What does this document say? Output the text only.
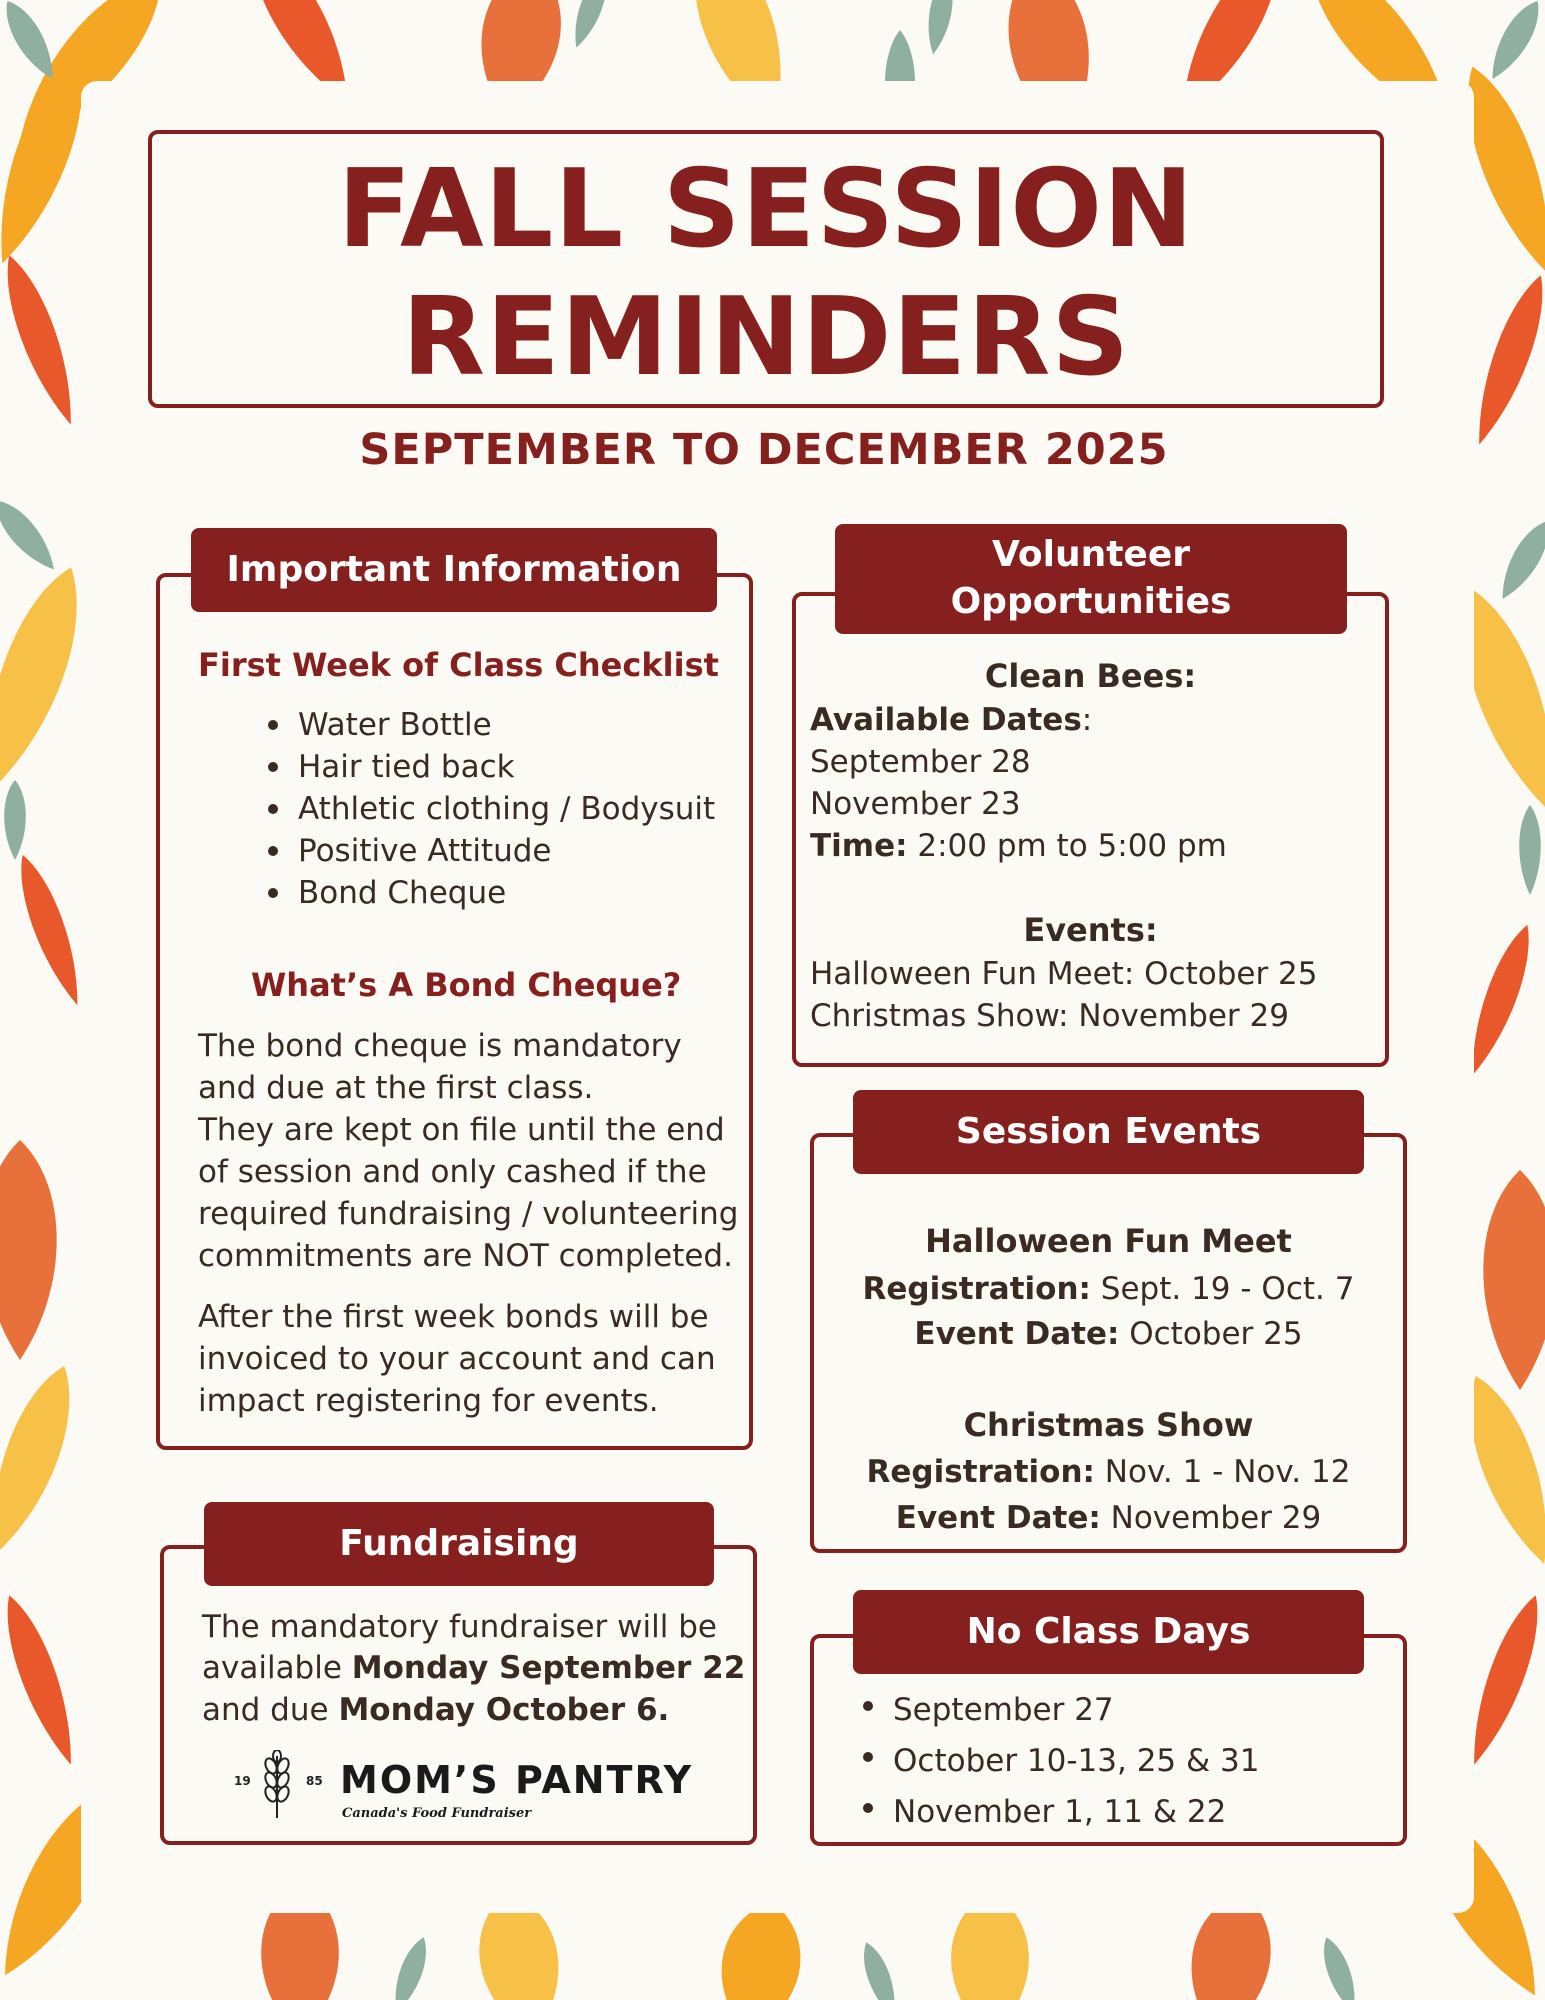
FALL SESSION
REMINDERS
SEPTEMBER TO DECEMBER 2025
Important Information
First Week of Class Checklist
Water Bottle
Hair tied back
Athletic clothing / Bodysuit
Positive Attitude
Bond Cheque
What’s A Bond Cheque?
The bond cheque is mandatory
and due at the first class.
They are kept on file until the end
of session and only cashed if the
required fundraising / volunteering
commitments are NOT completed.
After the first week bonds will be
invoiced to your account and can
impact registering for events.
Volunteer Opportunities
Clean Bees:
Available Dates:
September 28
November 23
Time: 2:00 pm to 5:00 pm
Events:
Halloween Fun Meet: October 25
Christmas Show: November 29
Session Events
Halloween Fun Meet
Registration: Sept. 19 - Oct. 7
Event Date: October 25
Christmas Show
Registration: Nov. 1 - Nov. 12
Event Date: November 29
Fundraising
The mandatory fundraiser will be
available Monday September 22
and due Monday October 6.
19	85 MOM’S PANTRY
Canada's Food Fundraiser
No Class Days
September 27
October 10-13, 25 & 31
November 1, 11 & 22
